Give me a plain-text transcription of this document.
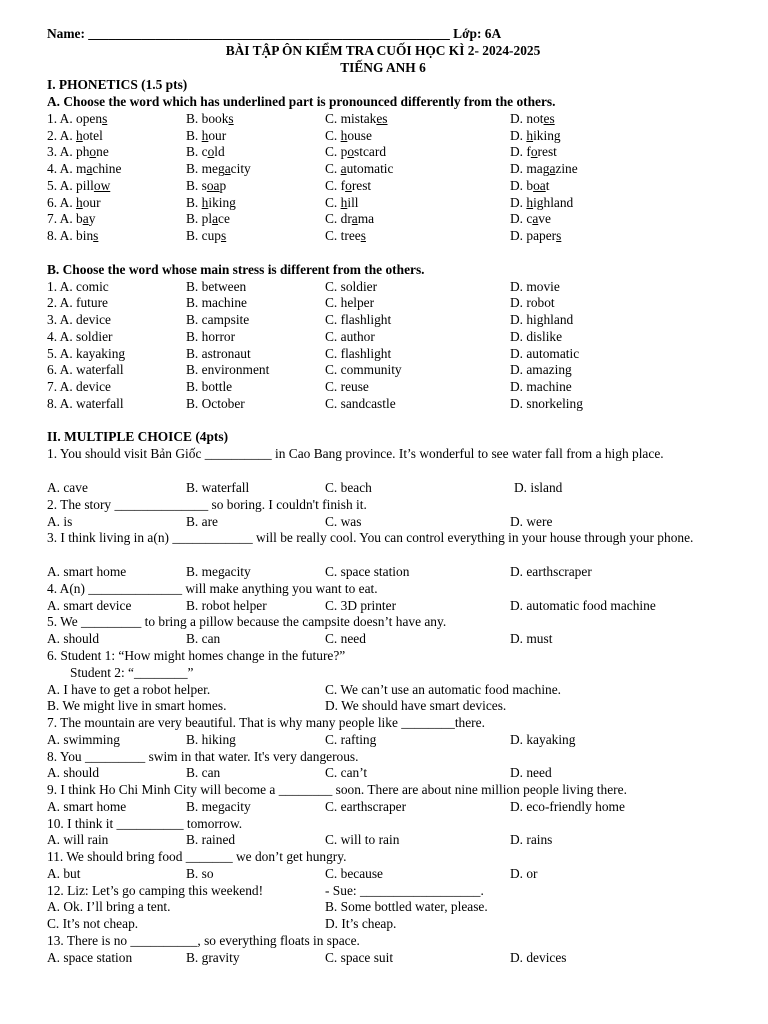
Name: ______________________________________________________ Lớp: 6A
BÀI TẬP ÔN KIỂM TRA CUỐI HỌC KÌ 2- 2024-2025
TIẾNG ANH 6
I. PHONETICS (1.5 pts)
A. Choose the word which has underlined part is pronounced differently from the others.
1. A. opens	B. books	C. mistakes	D. notes
2. A. hotel	B. hour	C. house	D. hiking
3. A. phone	B. cold	C. postcard	D. forest
4. A. machine	B. megacity	C. automatic	D. magazine
5. A. pillow	B. soap	C. forest	D. boat
6. A. hour	B. hiking	C. hill	D. highland
7. A. bay	B. place	C. drama	D. cave
8. A. bins	B. cups	C. trees	D. papers
B. Choose the word whose main stress is different from the others.
1. A. comic	B. between	C. soldier	D. movie
2. A. future	B. machine	C. helper	D. robot
3. A. device	B. campsite	C. flashlight	D. highland
4. A. soldier	B. horror	C. author	D. dislike
5. A. kayaking	B. astronaut	C. flashlight	D. automatic
6. A. waterfall	B. environment	C. community	D. amazing
7. A. device	B. bottle	C. reuse	D. machine
8. A. waterfall	B. October	C. sandcastle	D. snorkeling
II. MULTIPLE CHOICE (4pts)
1. You should visit Bản Giốc __________ in Cao Bang province. It’s wonderful to see water fall from a high place.
A. cave	B. waterfall	C. beach	D. island
2. The story ______________ so boring. I couldn't finish it.
A. is	B. are	C. was	D. were
3. I think living in a(n) ____________ will be really cool. You can control everything in your house through your phone.
A. smart home	B. megacity	C. space station	D. earthscraper
4. A(n) ______________ will make anything you want to eat.
A. smart device	B. robot helper	C. 3D printer	D. automatic food machine
5. We _________ to bring a pillow because the campsite doesn’t have any.
A. should	B. can	C. need	D. must
6. Student 1: “How might homes change in the future?”
Student 2: “________”
A. I have to get a robot helper.	C. We can’t use an automatic food machine.
B. We might live in smart homes.	D. We should have smart devices.
7. The mountain are very beautiful. That is why many people like ________there.
A. swimming	B. hiking	C. rafting	D. kayaking
8. You _________ swim in that water. It's very dangerous.
A. should	B. can	C. can’t	D. need
9. I think Ho Chi Minh City will become a ________ soon. There are about nine million people living there.
A. smart home	B. megacity	C. earthscraper	D. eco-friendly home
10. I think it __________ tomorrow.
A. will rain	B. rained	C. will to rain	D. rains
11. We should bring food _______ we don’t get hungry.
A. but	B. so	C. because	D. or
12. Liz: Let’s go camping this weekend!	- Sue: __________________.
A. Ok. I’ll bring a tent.	B. Some bottled water, please.
C. It’s not cheap.	D. It’s cheap.
13. There is no __________, so everything floats in space.
A. space station	B. gravity	C. space suit	D. devices
